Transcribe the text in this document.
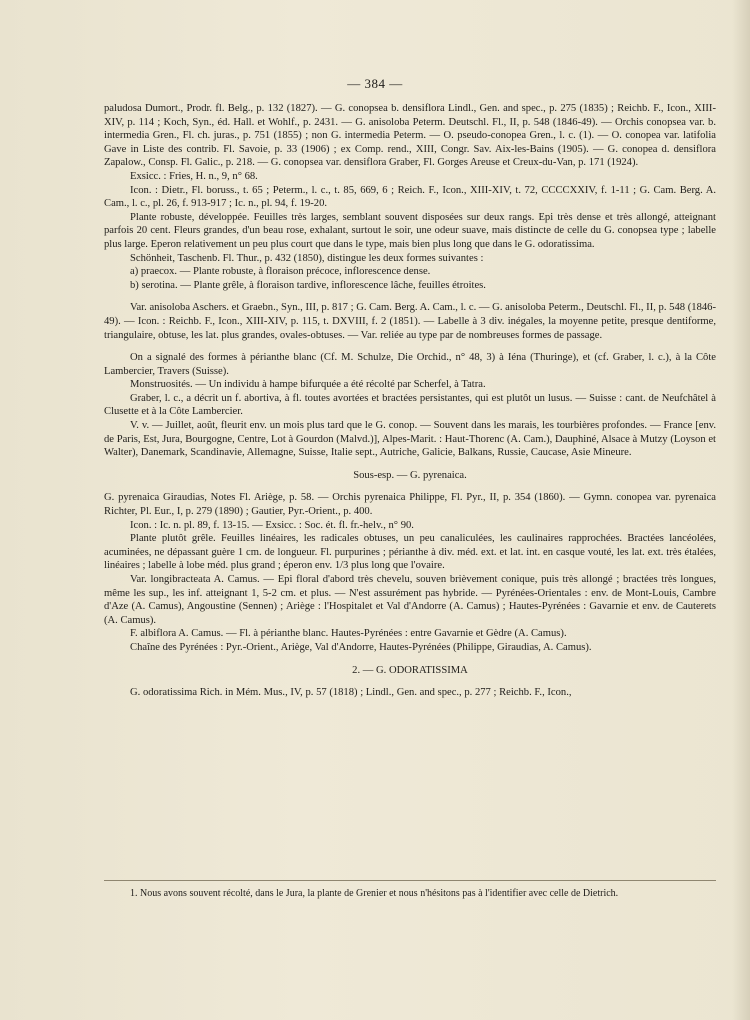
— 384 —

paludosa Dumort., Prodr. fl. Belg., p. 132 (1827). — G. conopsea b. densiflora Lindl., Gen. and spec., p. 275 (1835) ; Reichb. F., Icon., XIII-XIV, p. 114 ; Koch, Syn., éd. Hall. et Wohlf., p. 2431. — G. anisoloba Peterm. Deutschl. Fl., II, p. 548 (1846-49). — Orchis conopsea var. b. intermedia Gren., Fl. ch. juras., p. 751 (1855) ; non G. intermedia Peterm. — O. pseudo-conopea Gren., l. c. (1). — O. conopea var. latifolia Gave in Liste des contrib. Fl. Savoie, p. 33 (1906) ; ex Comp. rend., XIII, Congr. Sav. Aix-les-Bains (1905). — G. conopea d. densiflora Zapalow., Consp. Fl. Galic., p. 218. — G. conopsea var. densiflora Graber, Fl. Gorges Areuse et Creux-du-Van, p. 171 (1924).

Exsicc. : Fries, H. n., 9, n° 68.

Icon. : Dietr., Fl. boruss., t. 65 ; Peterm., l. c., t. 85, 669, 6 ; Reich. F., Icon., XIII-XIV, t. 72, CCCCXXIV, f. 1-11 ; G. Cam. Berg. A. Cam., l. c., pl. 26, f. 913-917 ; Ic. n., pl. 94, f. 19-20.

Plante robuste, développée. Feuilles très larges, semblant souvent disposées sur deux rangs. Epi très dense et très allongé, atteignant parfois 20 cent. Fleurs grandes, d'un beau rose, exhalant, surtout le soir, une odeur suave, mais distincte de celle du G. conopsea type ; labelle plus large. Eperon relativement un peu plus court que dans le type, mais bien plus long que dans le G. odoratissima.

Schönheit, Taschenb. Fl. Thur., p. 432 (1850), distingue les deux formes suivantes :

a) praecox. — Plante robuste, à floraison précoce, inflorescence dense.

b) serotina. — Plante grêle, à floraison tardive, inflorescence lâche, feuilles étroites.

Var. anisoloba Aschers. et Graebn., Syn., III, p. 817 ; G. Cam. Berg. A. Cam., l. c. — G. anisoloba Peterm., Deutschl. Fl., II, p. 548 (1846-49). — Icon. : Reichb. F., Icon., XIII-XIV, p. 115, t. DXVIII, f. 2 (1851). — Labelle à 3 div. inégales, la moyenne petite, presque dentiforme, triangulaire, obtuse, les lat. plus grandes, ovales-obtuses. — Var. reliée au type par de nombreuses formes de passage.

On a signalé des formes à périanthe blanc (Cf. M. Schulze, Die Orchid., n° 48, 3) à Iéna (Thuringe), et (cf. Graber, l. c.), à la Côte Lambercier, Travers (Suisse).

Monstruosités. — Un individu à hampe bifurquée a été récolté par Scherfel, à Tatra.

Graber, l. c., a décrit un f. abortiva, à fl. toutes avortées et bractées persistantes, qui est plutôt un lusus. — Suisse : cant. de Neufchâtel à Clusette et à la Côte Lambercier.

V. v. — Juillet, août, fleurit env. un mois plus tard que le G. conop. — Souvent dans les marais, les tourbières profondes. — France [env. de Paris, Est, Jura, Bourgogne, Centre, Lot à Gourdon (Malvd.)], Alpes-Marit. : Haut-Thorenc (A. Cam.), Dauphiné, Alsace à Mutzy (Loyson et Walter), Danemark, Scandinavie, Allemagne, Suisse, Italie sept., Autriche, Galicie, Balkans, Russie, Caucase, Asie Mineure.

Sous-esp. — G. pyrenaica.

G. pyrenaica Giraudias, Notes Fl. Ariège, p. 58. — Orchis pyrenaica Philippe, Fl. Pyr., II, p. 354 (1860). — Gymn. conopea var. pyrenaica Richter, Pl. Eur., I, p. 279 (1890) ; Gautier, Pyr.-Orient., p. 400.

Icon. : Ic. n. pl. 89, f. 13-15. — Exsicc. : Soc. ét. fl. fr.-helv., n° 90.

Plante plutôt grêle. Feuilles linéaires, les radicales obtuses, un peu canaliculées, les caulinaires rapprochées. Bractées lancéolées, acuminées, ne dépassant guère 1 cm. de longueur. Fl. purpurines ; périanthe à div. méd. ext. et lat. int. en casque vouté, les lat. ext. très étalées, linéaires ; labelle à lobe méd. plus grand ; éperon env. 1/3 plus long que l'ovaire.

Var. longibracteata A. Camus. — Epi floral d'abord très chevelu, souven brièvement conique, puis très allongé ; bractées très longues, même les sup., les inf. atteignant 1, 5-2 cm. et plus. — N'est assurément pas hybride. — Pyrénées-Orientales : env. de Mont-Louis, Cambre d'Aze (A. Camus), Angoustine (Sennen) ; Ariège : l'Hospitalet et Val d'Andorre (A. Camus) ; Hautes-Pyrénées : Gavarnie et env. de Cauterets (A. Camus).

F. albiflora A. Camus. — Fl. à périanthe blanc. Hautes-Pyrénées : entre Gavarnie et Gèdre (A. Camus).

Chaîne des Pyrénées : Pyr.-Orient., Ariège, Val d'Andorre, Hautes-Pyrénées (Philippe, Giraudias, A. Camus).

2. — G. ODORATISSIMA

G. odoratissima Rich. in Mém. Mus., IV, p. 57 (1818) ; Lindl., Gen. and spec., p. 277 ; Reichb. F., Icon.,

1. Nous avons souvent récolté, dans le Jura, la plante de Grenier et nous n'hésitons pas à l'identifier avec celle de Dietrich.
